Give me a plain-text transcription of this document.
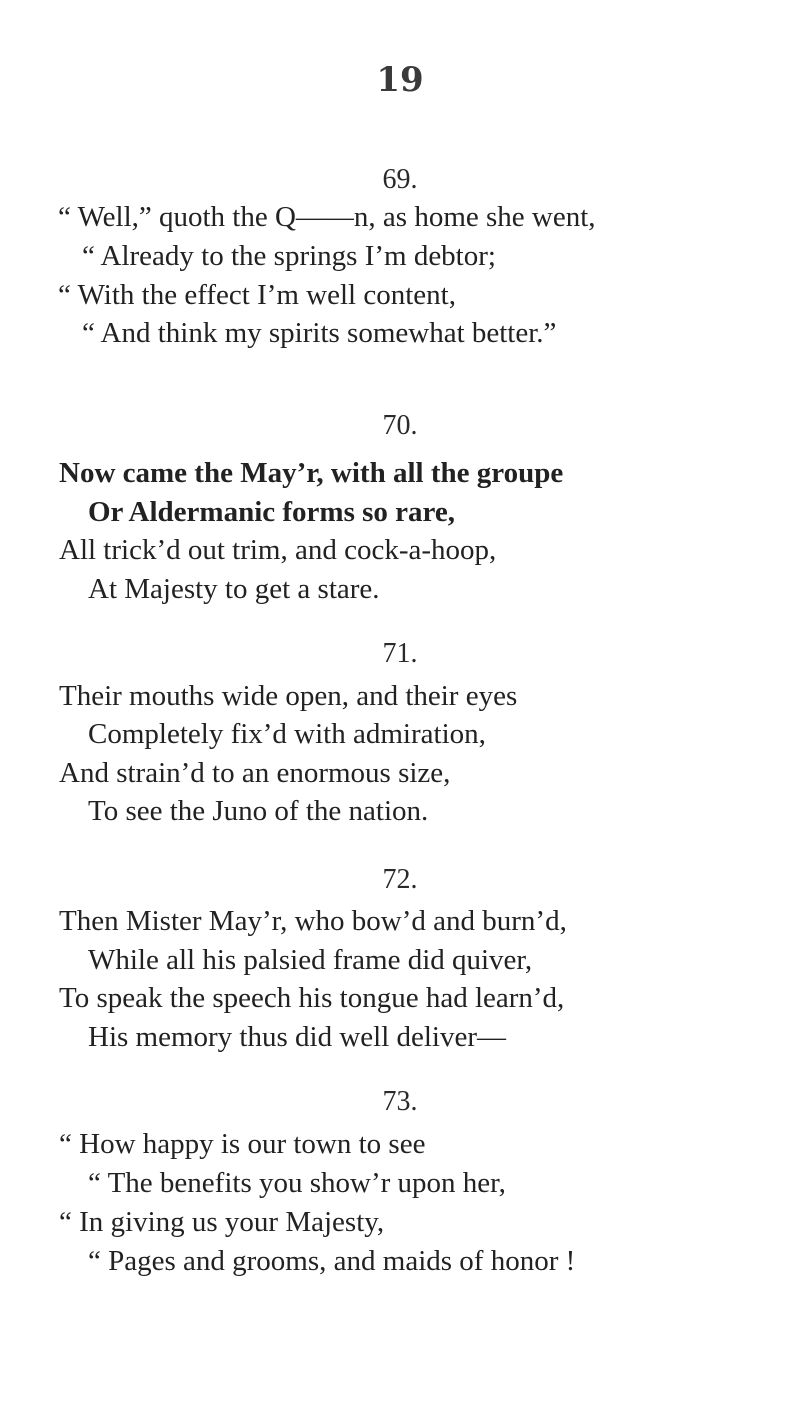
19
69.
“ Well,” quoth the Q——n, as home she went,
“ Already to the springs I’m debtor;
“ With the effect I’m well content,
“ And think my spirits somewhat better.”
70.
Now came the May’r, with all the groupe
Or Aldermanic forms so rare,
All trick’d out trim, and cock-a-hoop,
At Majesty to get a stare.
71.
Their mouths wide open, and their eyes
Completely fix’d with admiration,
And strain’d to an enormous size,
To see the Juno of the nation.
72.
Then Mister May’r, who bow’d and burn’d,
While all his palsied frame did quiver,
To speak the speech his tongue had learn’d,
His memory thus did well deliver—
73.
“ How happy is our town to see
“ The benefits you show’r upon her,
“ In giving us your Majesty,
“ Pages and grooms, and maids of honor !
